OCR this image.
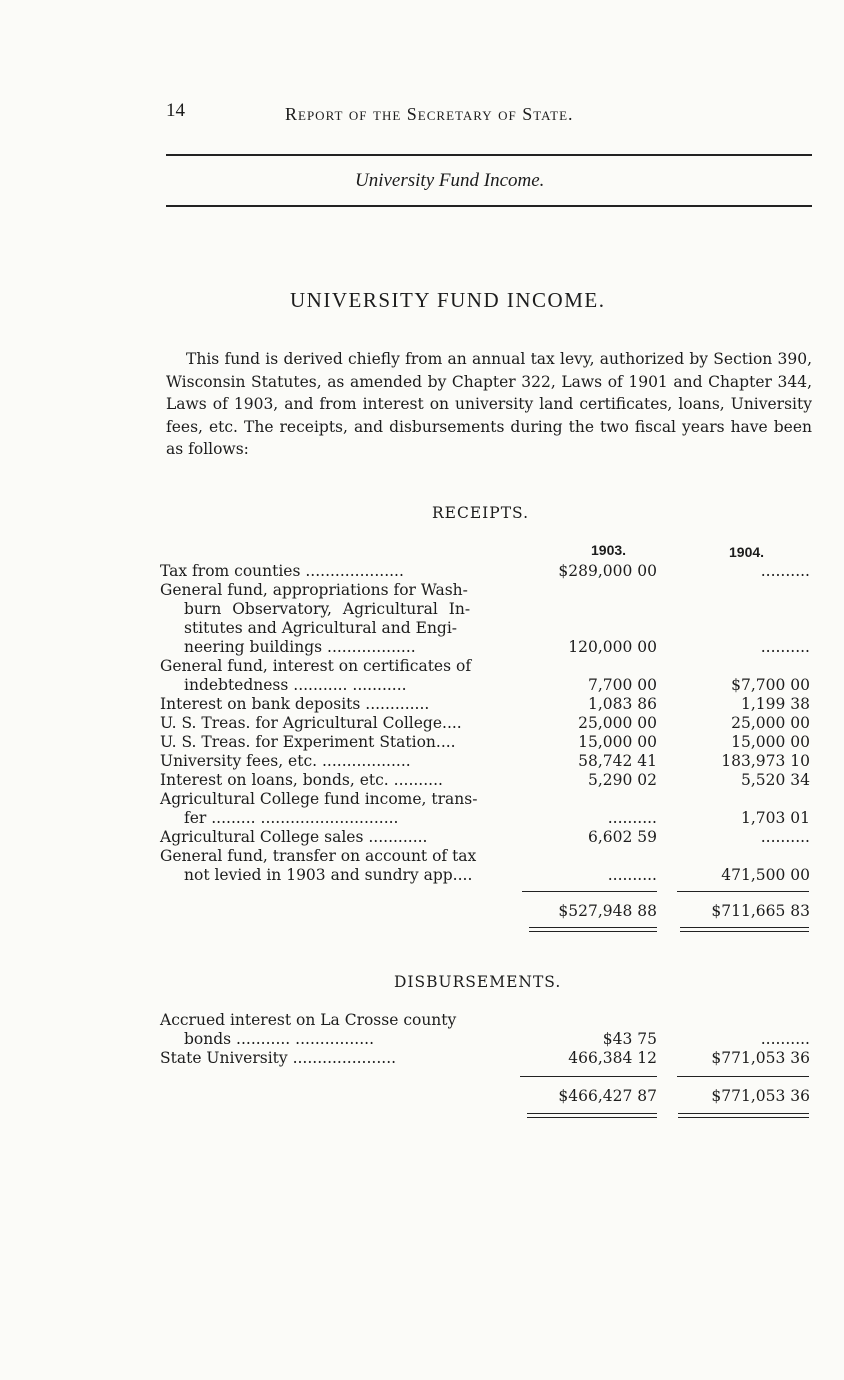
14	Report of the Secretary of State.
University Fund Income.
UNIVERSITY FUND INCOME.
This fund is derived chiefly from an annual tax levy, authorized by Section 390, Wisconsin Statutes, as amended by Chapter 322, Laws of 1901 and Chapter 344, Laws of 1903, and from interest on university land certificates, loans, University fees, etc. The receipts, and disbursements during the two fiscal years have been as follows:
RECEIPTS.
1903.	1904.
Tax from counties ....................	$289,000 00	..........
General fund, appropriations for Wash-
burn Observatory, Agricultural In-
stitutes and Agricultural and Engi-
neering buildings ..................	120,000 00	..........
General fund, interest on certificates of
indebtedness ........... ...........	7,700 00	$7,700 00
Interest on bank deposits .............	1,083 86	1,199 38
U. S. Treas. for Agricultural College....	25,000 00	25,000 00
U. S. Treas. for Experiment Station....	15,000 00	15,000 00
University fees, etc. ..................	58,742 41	183,973 10
Interest on loans, bonds, etc. ..........	5,290 02	5,520 34
Agricultural College fund income, trans-
fer ......... ............................	..........	1,703 01
Agricultural College sales ............	6,602 59	..........
General fund, transfer on account of tax
not levied in 1903 and sundry app....	..........	471,500 00
$527,948 88	$711,665 83
DISBURSEMENTS.
Accrued interest on La Crosse county
bonds ........... ................	$43 75	..........
State University .....................	466,384 12	$771,053 36
$466,427 87	$771,053 36
